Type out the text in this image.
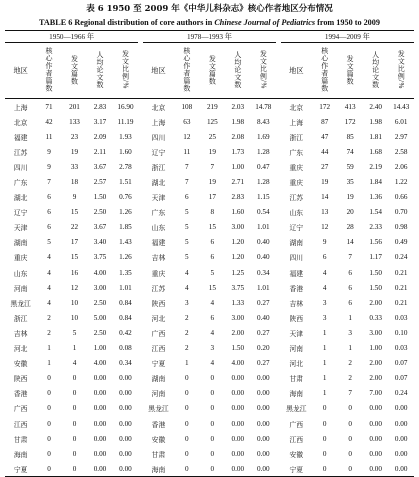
表 6 1950 至 2009 年《中华儿科杂志》核心作者地区分布情况
TABLE 6 Regional distribution of core authors in Chinese Journal of Pediatrics from 1950 to 2009
1950—1966 年						1978—1993 年						1994—2009 年				
地区	核心作者篇数	发文篇数	人均论文数	发文比例/%		地区	核心作者篇数	发文篇数	人均论文数	发文比例/%		地区	核心作者篇数	发文篇数	人均论文数	发文比例/%
上海	71	201	2.83	16.90		北京	108	219	2.03	14.78		北京	172	413	2.40	14.43
北京	42	133	3.17	11.19		上海	63	125	1.98	8.43		上海	87	172	1.98	6.01
福建	11	23	2.09	1.93		四川	12	25	2.08	1.69		浙江	47	85	1.81	2.97
江苏	9	19	2.11	1.60		辽宁	11	19	1.73	1.28		广东	44	74	1.68	2.58
四川	9	33	3.67	2.78		浙江	7	7	1.00	0.47		重庆	27	59	2.19	2.06
广东	7	18	2.57	1.51		湖北	7	19	2.71	1.28		重庆	19	35	1.84	1.22
湖北	6	9	1.50	0.76		天津	6	17	2.83	1.15		江苏	14	19	1.36	0.66
辽宁	6	15	2.50	1.26		广东	5	8	1.60	0.54		山东	13	20	1.54	0.70
天津	6	22	3.67	1.85		山东	5	15	3.00	1.01		辽宁	12	28	2.33	0.98
湖南	5	17	3.40	1.43		福建	5	6	1.20	0.40		湖南	9	14	1.56	0.49
重庆	4	15	3.75	1.26		吉林	5	6	1.20	0.40		四川	6	7	1.17	0.24
山东	4	16	4.00	1.35		重庆	4	5	1.25	0.34		福建	4	6	1.50	0.21
河南	4	12	3.00	1.01		江苏	4	15	3.75	1.01		香港	4	6	1.50	0.21
黑龙江	4	10	2.50	0.84		陕西	3	4	1.33	0.27		吉林	3	6	2.00	0.21
浙江	2	10	5.00	0.84		河北	2	6	3.00	0.40		陕西	3	1	0.33	0.03
吉林	2	5	2.50	0.42		广西	2	4	2.00	0.27		天津	1	3	3.00	0.10
河北	1	1	1.00	0.08		江西	2	3	1.50	0.20		河南	1	1	1.00	0.03
安徽	1	4	4.00	0.34		宁夏	1	4	4.00	0.27		河北	1	2	2.00	0.07
陕西	0	0	0.00	0.00		湖南	0	0	0.00	0.00		甘肃	1	2	2.00	0.07
香港	0	0	0.00	0.00		河南	0	0	0.00	0.00		海南	1	7	7.00	0.24
广西	0	0	0.00	0.00		黑龙江	0	0	0.00	0.00		黑龙江	0	0	0.00	0.00
江西	0	0	0.00	0.00		香港	0	0	0.00	0.00		广西	0	0	0.00	0.00
甘肃	0	0	0.00	0.00		安徽	0	0	0.00	0.00		江西	0	0	0.00	0.00
海南	0	0	0.00	0.00		甘肃	0	0	0.00	0.00		安徽	0	0	0.00	0.00
宁夏	0	0	0.00	0.00		海南	0	0	0.00	0.00		宁夏	0	0	0.00	0.00
